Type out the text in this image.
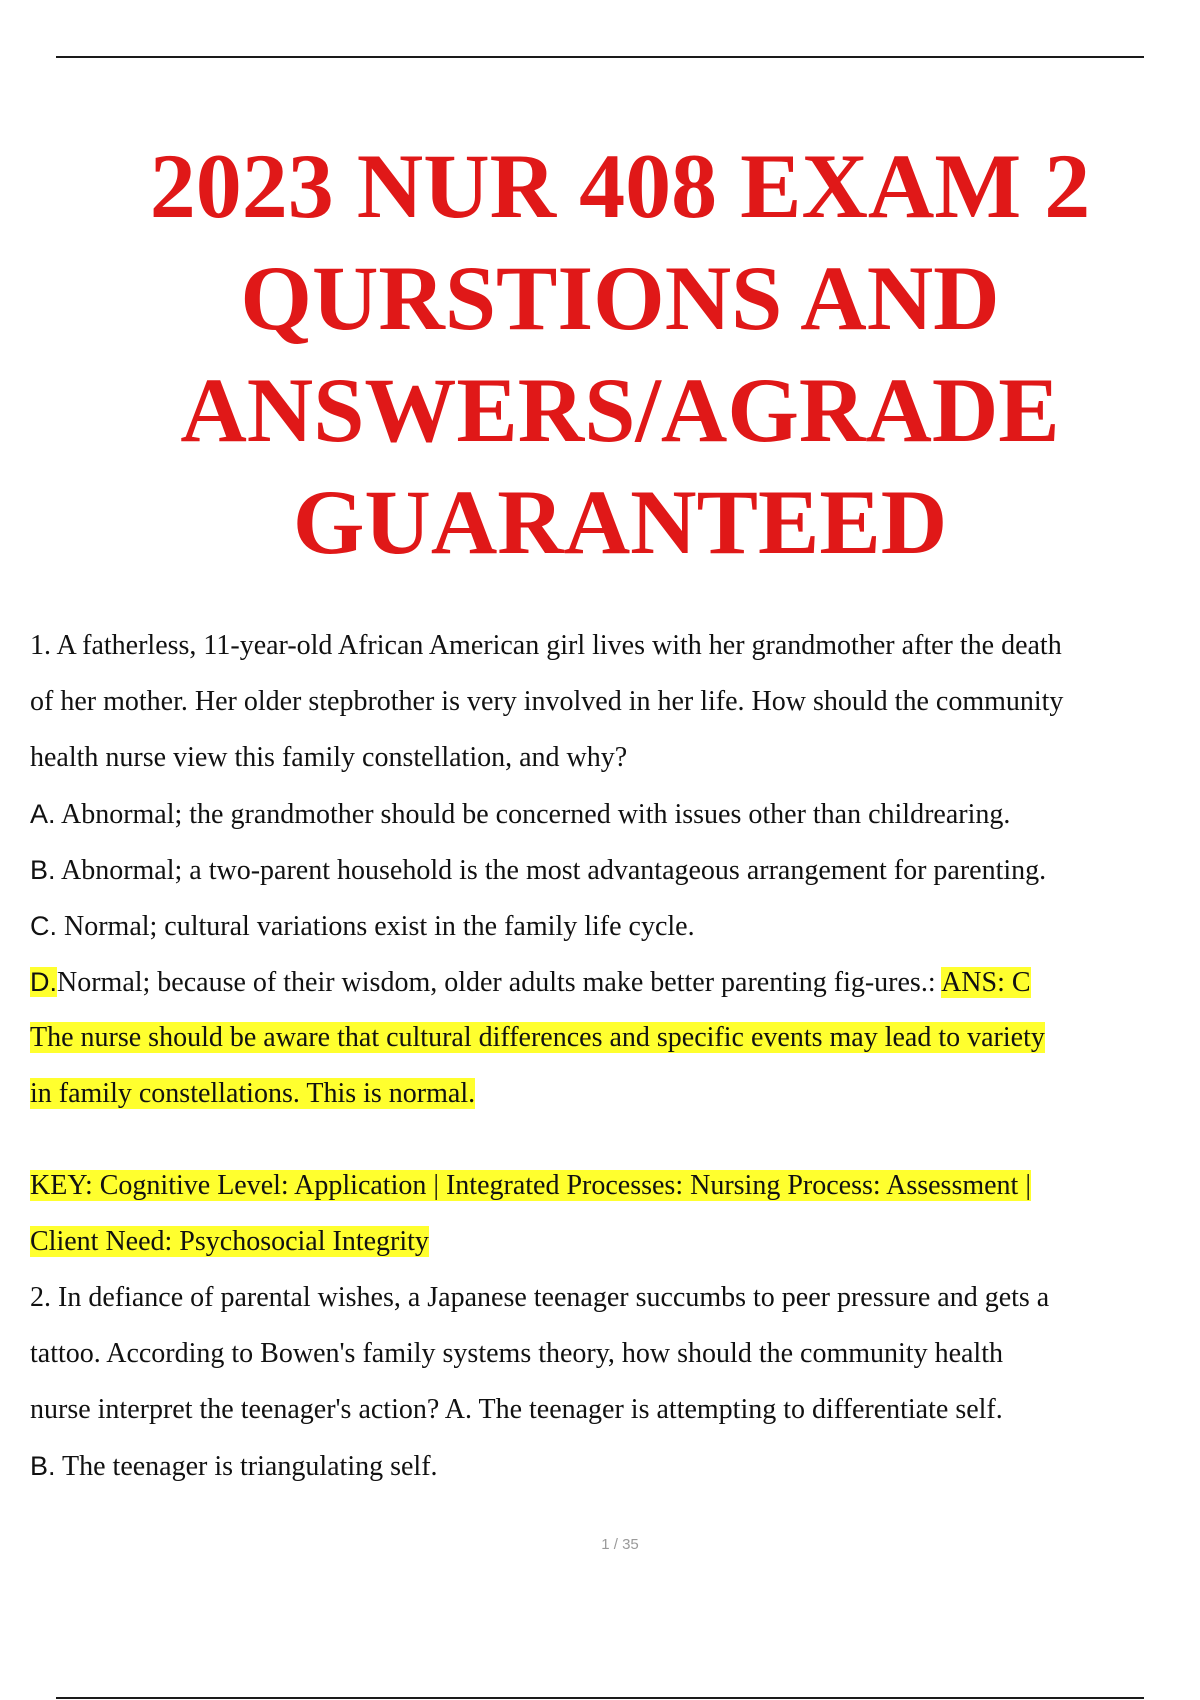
2023 NUR 408 EXAM 2
QURSTIONS AND
ANSWERS/AGRADE
GUARANTEED
1. A fatherless, 11-year-old African American girl lives with her grandmother after the death
of her mother. Her older stepbrother is very involved in her life. How should the community
health nurse view this family constellation, and why?
A. Abnormal; the grandmother should be concerned with issues other than childrearing.
B. Abnormal; a two-parent household is the most advantageous arrangement for parenting.
C. Normal; cultural variations exist in the family life cycle.
D.Normal; because of their wisdom, older adults make better parenting fig-ures.: ANS: C
The nurse should be aware that cultural differences and specific events may lead to variety
in family constellations. This is normal.
KEY: Cognitive Level: Application | Integrated Processes: Nursing Process: Assessment |
Client Need: Psychosocial Integrity
2. In defiance of parental wishes, a Japanese teenager succumbs to peer pressure and gets a
tattoo. According to Bowen's family systems theory, how should the community health
nurse interpret the teenager's action? A. The teenager is attempting to differentiate self.
B. The teenager is triangulating self.
1 / 35
